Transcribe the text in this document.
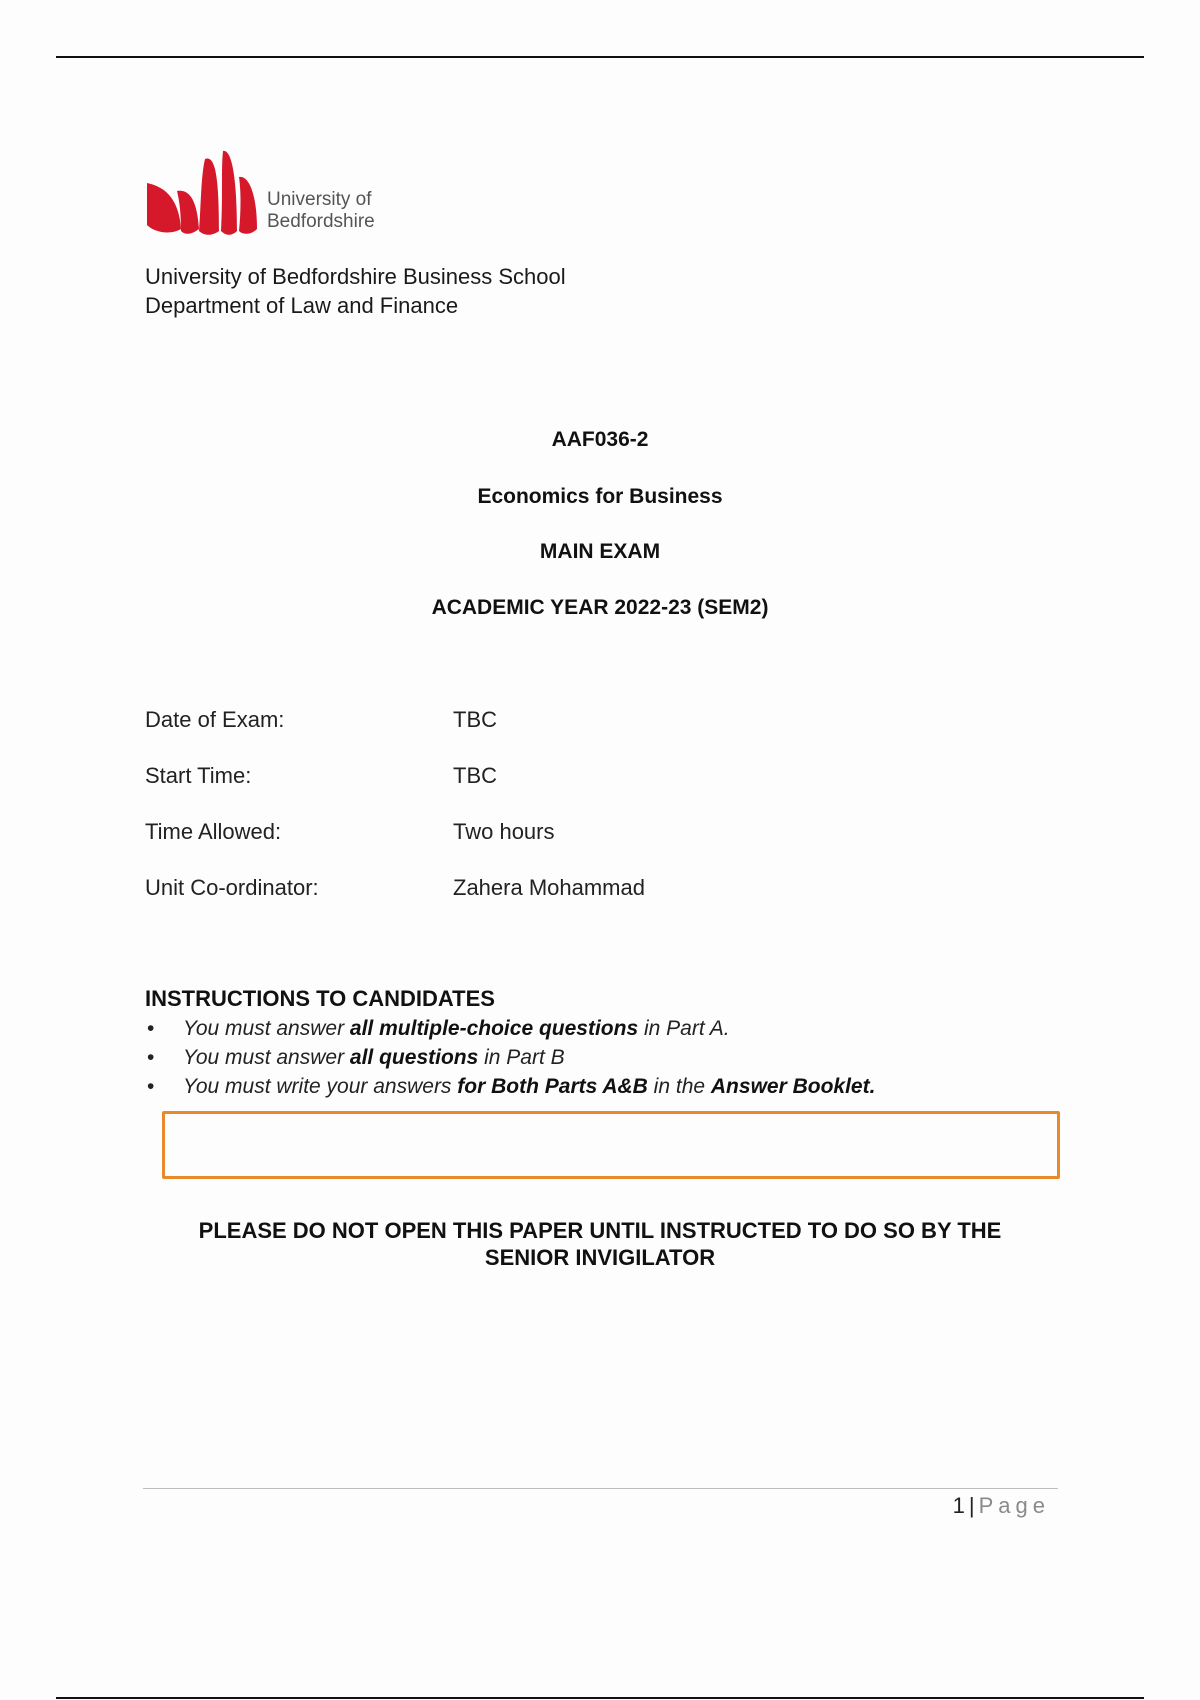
University of
Bedfordshire
University of Bedfordshire Business School
Department of Law and Finance
AAF036-2
Economics for Business
MAIN EXAM
ACADEMIC YEAR 2022-23 (SEM2)
Date of Exam:	TBC
Start Time:	TBC
Time Allowed:	Two hours
Unit Co-ordinator:	Zahera Mohammad
INSTRUCTIONS TO CANDIDATES
• You must answer all multiple-choice questions in Part A.
• You must answer all questions in Part B
• You must write your answers for Both Parts A&B in the Answer Booklet.
PLEASE DO NOT OPEN THIS PAPER UNTIL INSTRUCTED TO DO SO BY THE
SENIOR INVIGILATOR
1 | Page
